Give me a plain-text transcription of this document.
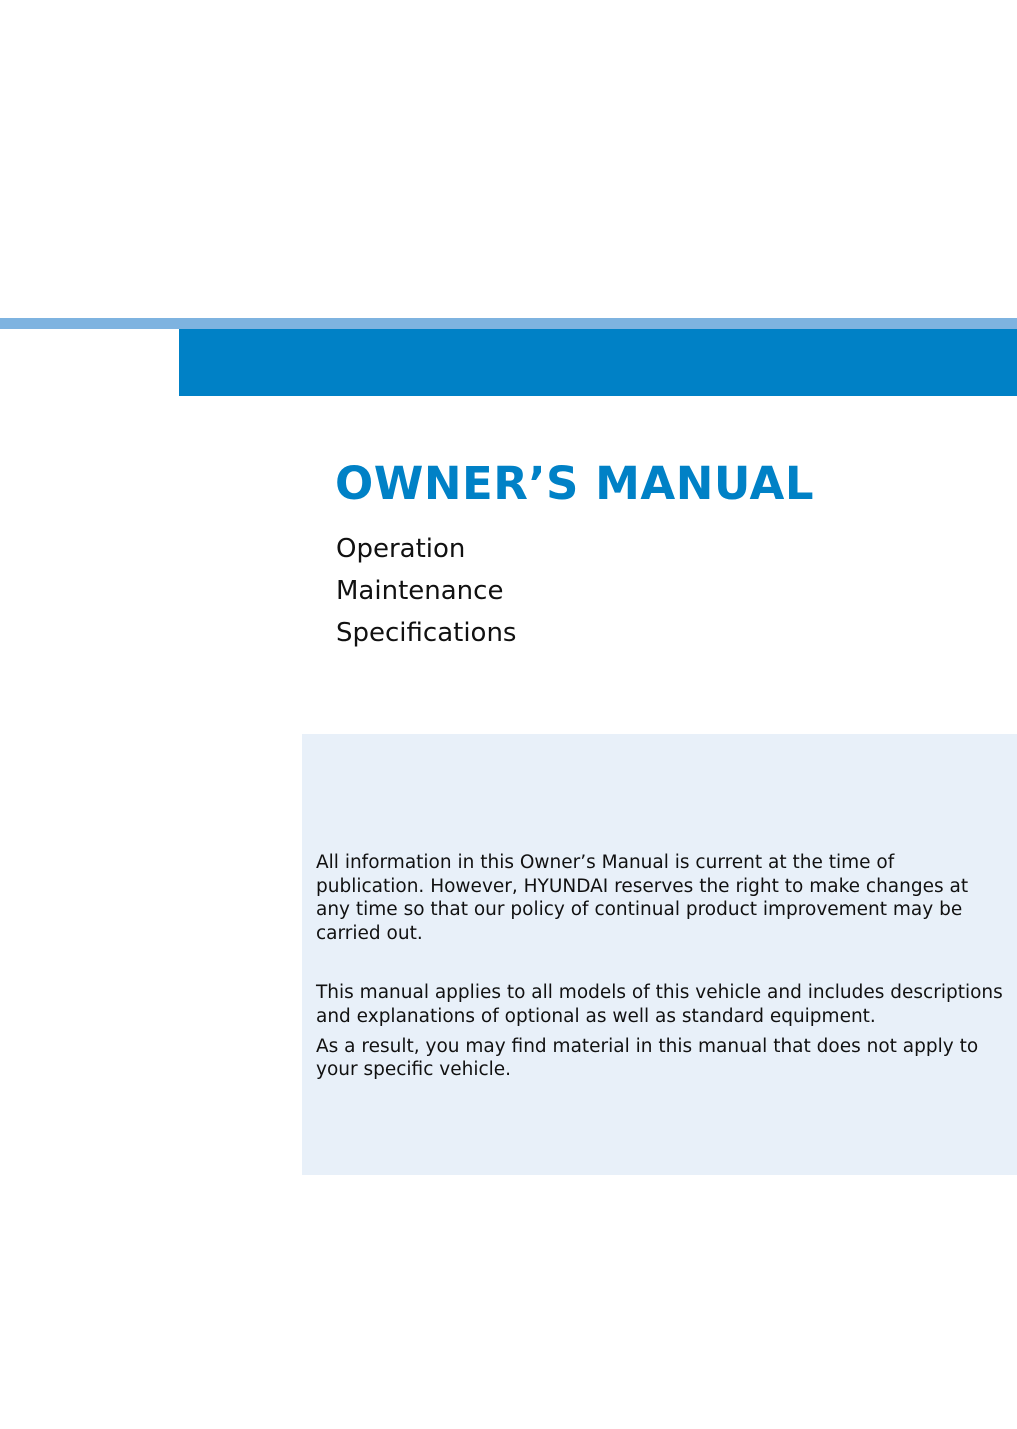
OWNER’S MANUAL
Operation
Maintenance
Specifications

All information in this Owner’s Manual is current at the time of publication. However, HYUNDAI reserves the right to make changes at any time so that our policy of continual product improvement may be carried out.

This manual applies to all models of this vehicle and includes descriptions and explanations of optional as well as standard equipment.

As a result, you may find material in this manual that does not apply to your specific vehicle.
